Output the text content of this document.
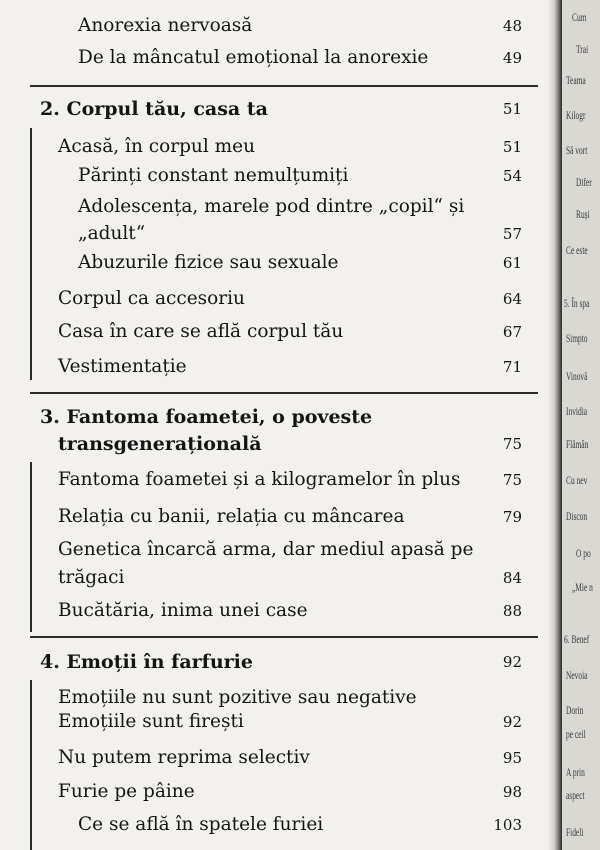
Anorexia nervoasă	48
De la mâncatul emoțional la anorexie	49
2. Corpul tău, casa ta	51
Acasă, în corpul meu	51
Părinți constant nemulțumiți	54
Adolescența, marele pod dintre „copil“ și
„adult“	57
Abuzurile fizice sau sexuale	61
Corpul ca accesoriu	64
Casa în care se află corpul tău	67
Vestimentație	71
3. Fantoma foametei, o poveste
transgenerațională	75
Fantoma foametei și a kilogramelor în plus	75
Relația cu banii, relația cu mâncarea	79
Genetica încarcă arma, dar mediul apasă pe
trăgaci	84
Bucătăria, inima unei case	88
4. Emoții în farfurie	92
Emoțiile nu sunt pozitive sau negative
Emoțiile sunt firești	92
Nu putem reprima selectiv	95
Furie pe pâine	98
Ce se află în spatele furiei	103
Cum
Trai
Teama
Kilogr
Să vort
Difer
Ruși
Ce este
5. În spa
Simpto
Vinovă
Invidia
Flămân
Cu nev
Discon
O po
„Mie n
6. Benef
Nevoia
Dorin
pe ceil
A prin
aspect
Fideli
